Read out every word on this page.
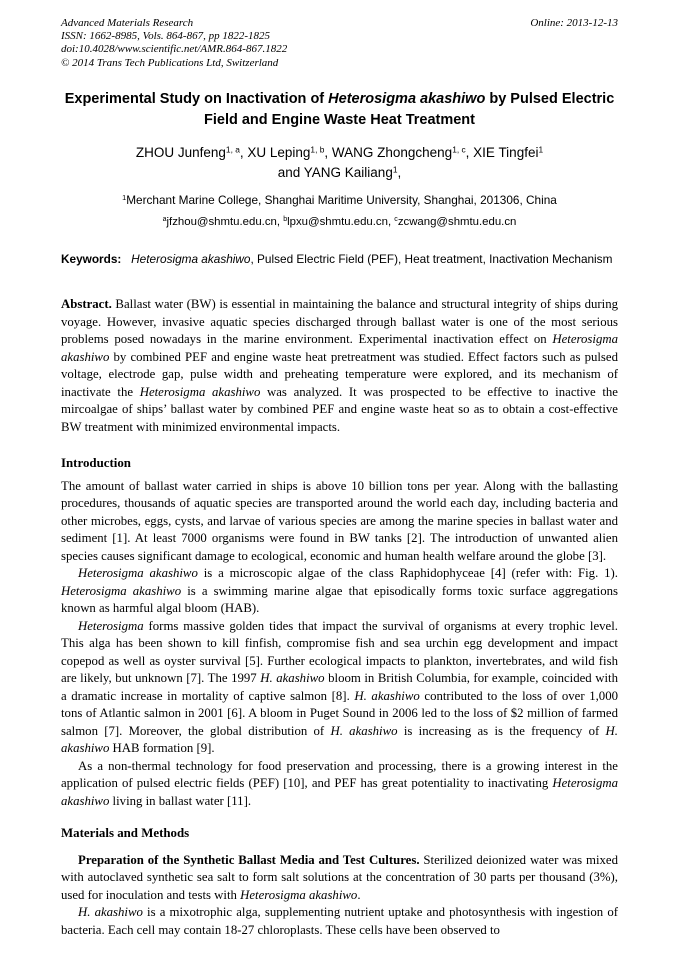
Advanced Materials Research
ISSN: 1662-8985, Vols. 864-867, pp 1822-1825
doi:10.4028/www.scientific.net/AMR.864-867.1822
© 2014 Trans Tech Publications Ltd, Switzerland
Online: 2013-12-13
Experimental Study on Inactivation of Heterosigma akashiwo by Pulsed Electric Field and Engine Waste Heat Treatment
ZHOU Junfeng$^{1, a}$, XU Leping$^{1, b}$, WANG Zhongcheng$^{1, c}$, XIE Tingfei$^1$
and YANG Kailiang$^1$,
$^1$Merchant Marine College, Shanghai Maritime University, Shanghai, 201306, China
$^a$jfzhou@shmtu.edu.cn, $^b$lpxu@shmtu.edu.cn, $^c$zcwang@shmtu.edu.cn

Keywords: Heterosigma akashiwo, Pulsed Electric Field (PEF), Heat treatment, Inactivation Mechanism

Abstract. Ballast water (BW) is essential in maintaining the balance and structural integrity of ships during voyage. However, invasive aquatic species discharged through ballast water is one of the most serious problems posed nowadays in the marine environment. Experimental inactivation effect on Heterosigma akashiwo by combined PEF and engine waste heat pretreatment was studied. Effect factors such as pulsed voltage, electrode gap, pulse width and preheating temperature were explored, and its mechanism of inactivate the Heterosigma akashiwo was analyzed. It was prospected to be effective to inactive the mircoalgae of ships’ ballast water by combined PEF and engine waste heat so as to obtain a cost-effective BW treatment with minimized environmental impacts.

Introduction

The amount of ballast water carried in ships is above 10 billion tons per year. Along with the ballasting procedures, thousands of aquatic species are transported around the world each day, including bacteria and other microbes, eggs, cysts, and larvae of various species are among the marine species in ballast water and sediment [1]. At least 7000 organisms were found in BW tanks [2]. The introduction of unwanted alien species causes significant damage to ecological, economic and human health welfare around the globe [3].

Heterosigma akashiwo is a microscopic algae of the class Raphidophyceae [4] (refer with: Fig. 1). Heterosigma akashiwo is a swimming marine algae that episodically forms toxic surface aggregations known as harmful algal bloom (HAB).

Heterosigma forms massive golden tides that impact the survival of organisms at every trophic level. This alga has been shown to kill finfish, compromise fish and sea urchin egg development and impact copepod as well as oyster survival [5]. Further ecological impacts to plankton, invertebrates, and wild fish are likely, but unknown [7]. The 1997 H. akashiwo bloom in British Columbia, for example, coincided with a dramatic increase in mortality of captive salmon [8]. H. akashiwo contributed to the loss of over 1,000 tons of Atlantic salmon in 2001 [6]. A bloom in Puget Sound in 2006 led to the loss of $2 million of farmed salmon [7]. Moreover, the global distribution of H. akashiwo is increasing as is the frequency of H. akashiwo HAB formation [9].

As a non-thermal technology for food preservation and processing, there is a growing interest in the application of pulsed electric fields (PEF) [10], and PEF has great potentiality to inactivating Heterosigma akashiwo living in ballast water [11].

Materials and Methods

Preparation of the Synthetic Ballast Media and Test Cultures. Sterilized deionized water was mixed with autoclaved synthetic sea salt to form salt solutions at the concentration of 30 parts per thousand (3%), used for inoculation and tests with Heterosigma akashiwo.

H. akashiwo is a mixotrophic alga, supplementing nutrient uptake and photosynthesis with ingestion of bacteria. Each cell may contain 18-27 chloroplasts. These cells have been observed to
